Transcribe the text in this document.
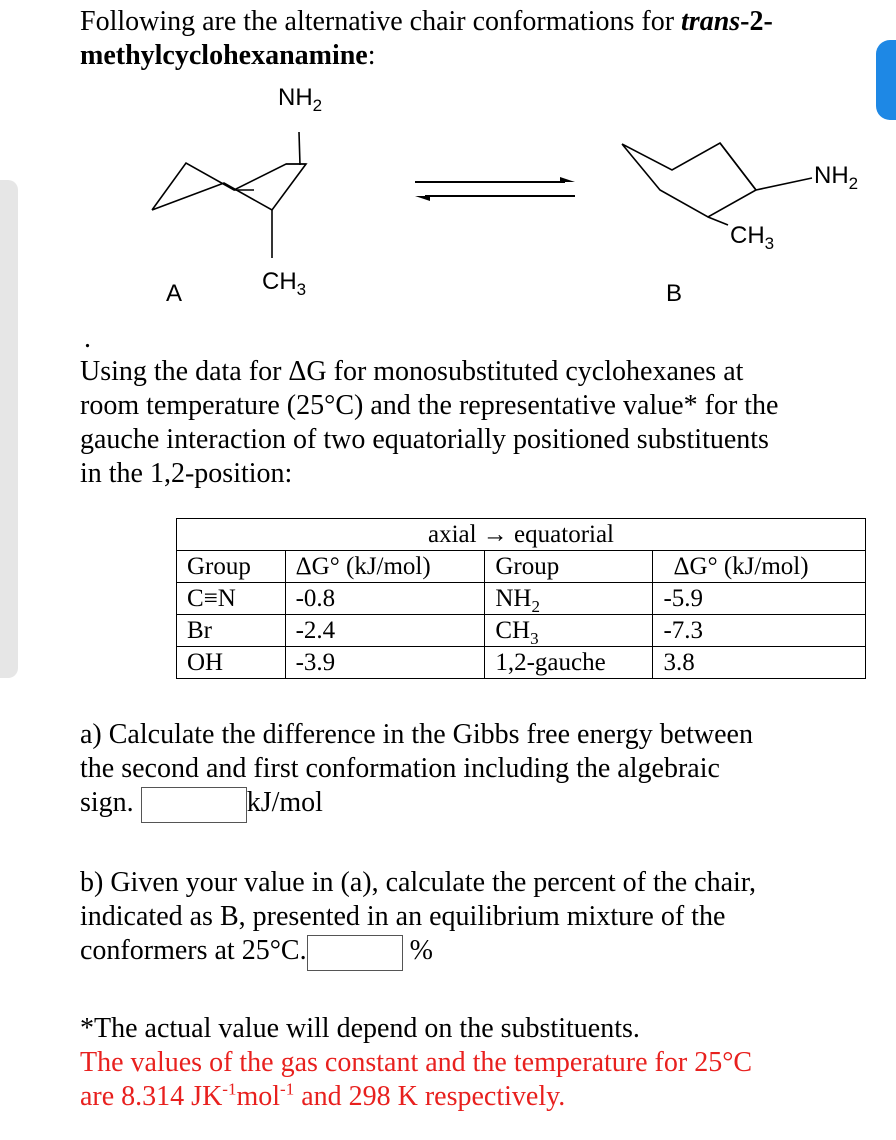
Following are the alternative chair conformations for trans-2-
methylcyclohexanamine:
$NH_2$
$CH_3$
A
$NH_2$
$CH_3$
B
.
Using the data for ΔG for monosubstituted cyclohexanes at
room temperature (25°C) and the representative value* for the
gauche interaction of two equatorially positioned substituents
in the 1,2-position:
axial → equatorial			
Group	ΔG° (kJ/mol)	Group	ΔG° (kJ/mol)
C≡N	-0.8	$NH_2$	-5.9
Br	-2.4	$CH_3$	-7.3
OH	-3.9	1,2-gauche	3.8
a) Calculate the difference in the Gibbs free energy between
the second and first conformation including the algebraic
sign.	kJ/mol
b) Given your value in (a), calculate the percent of the chair,
indicated as B, presented in an equilibrium mixture of the
conformers at 25°C.	%
*The actual value will depend on the substituents.
The values of the gas constant and the temperature for 25°C
are 8.314 $JK^{-1}mol^{-1}$ and 298 K respectively.
